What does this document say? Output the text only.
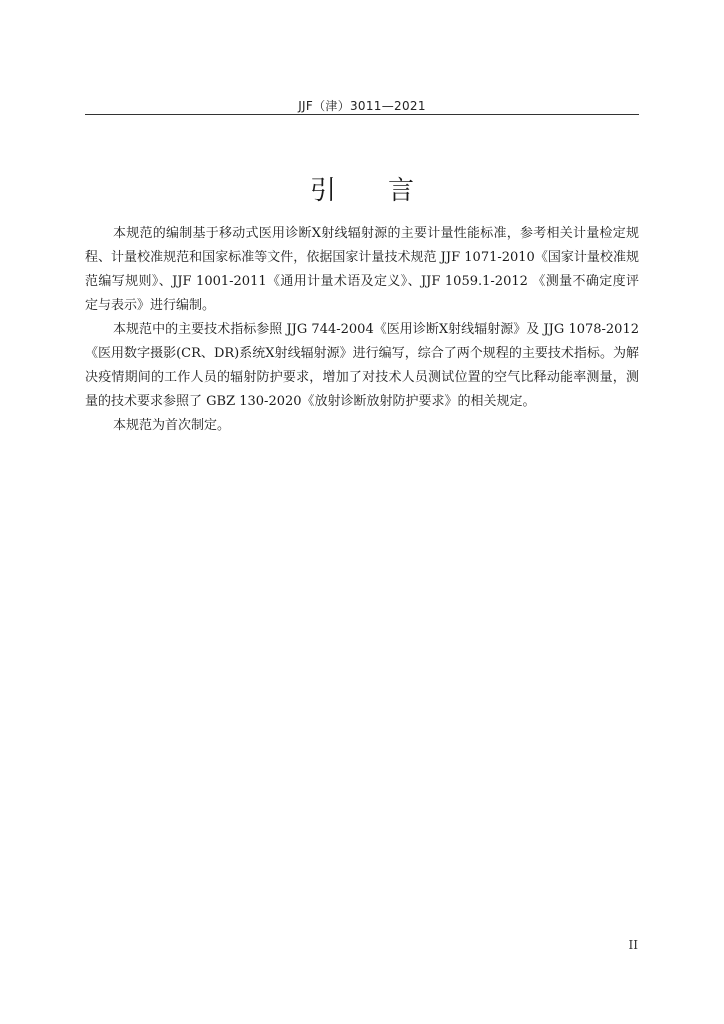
JJF（津）3011—2021
引言

本规范的编制基于移动式医用诊断X射线辐射源的主要计量性能标准，参考相关计量检定规程、计量校准规范和国家标准等文件，依据国家计量技术规范 JJF 1071-2010《国家计量校准规范编写规则》、JJF 1001-2011《通用计量术语及定义》、JJF 1059.1-2012 《测量不确定度评定与表示》进行编制。

本规范中的主要技术指标参照 JJG 744-2004《医用诊断X射线辐射源》及 JJG 1078-2012《医用数字摄影(CR、DR)系统X射线辐射源》进行编写，综合了两个规程的主要技术指标。为解决疫情期间的工作人员的辐射防护要求，增加了对技术人员测试位置的空气比释动能率测量，测量的技术要求参照了 GBZ 130-2020《放射诊断放射防护要求》的相关规定。

本规范为首次制定。

II
